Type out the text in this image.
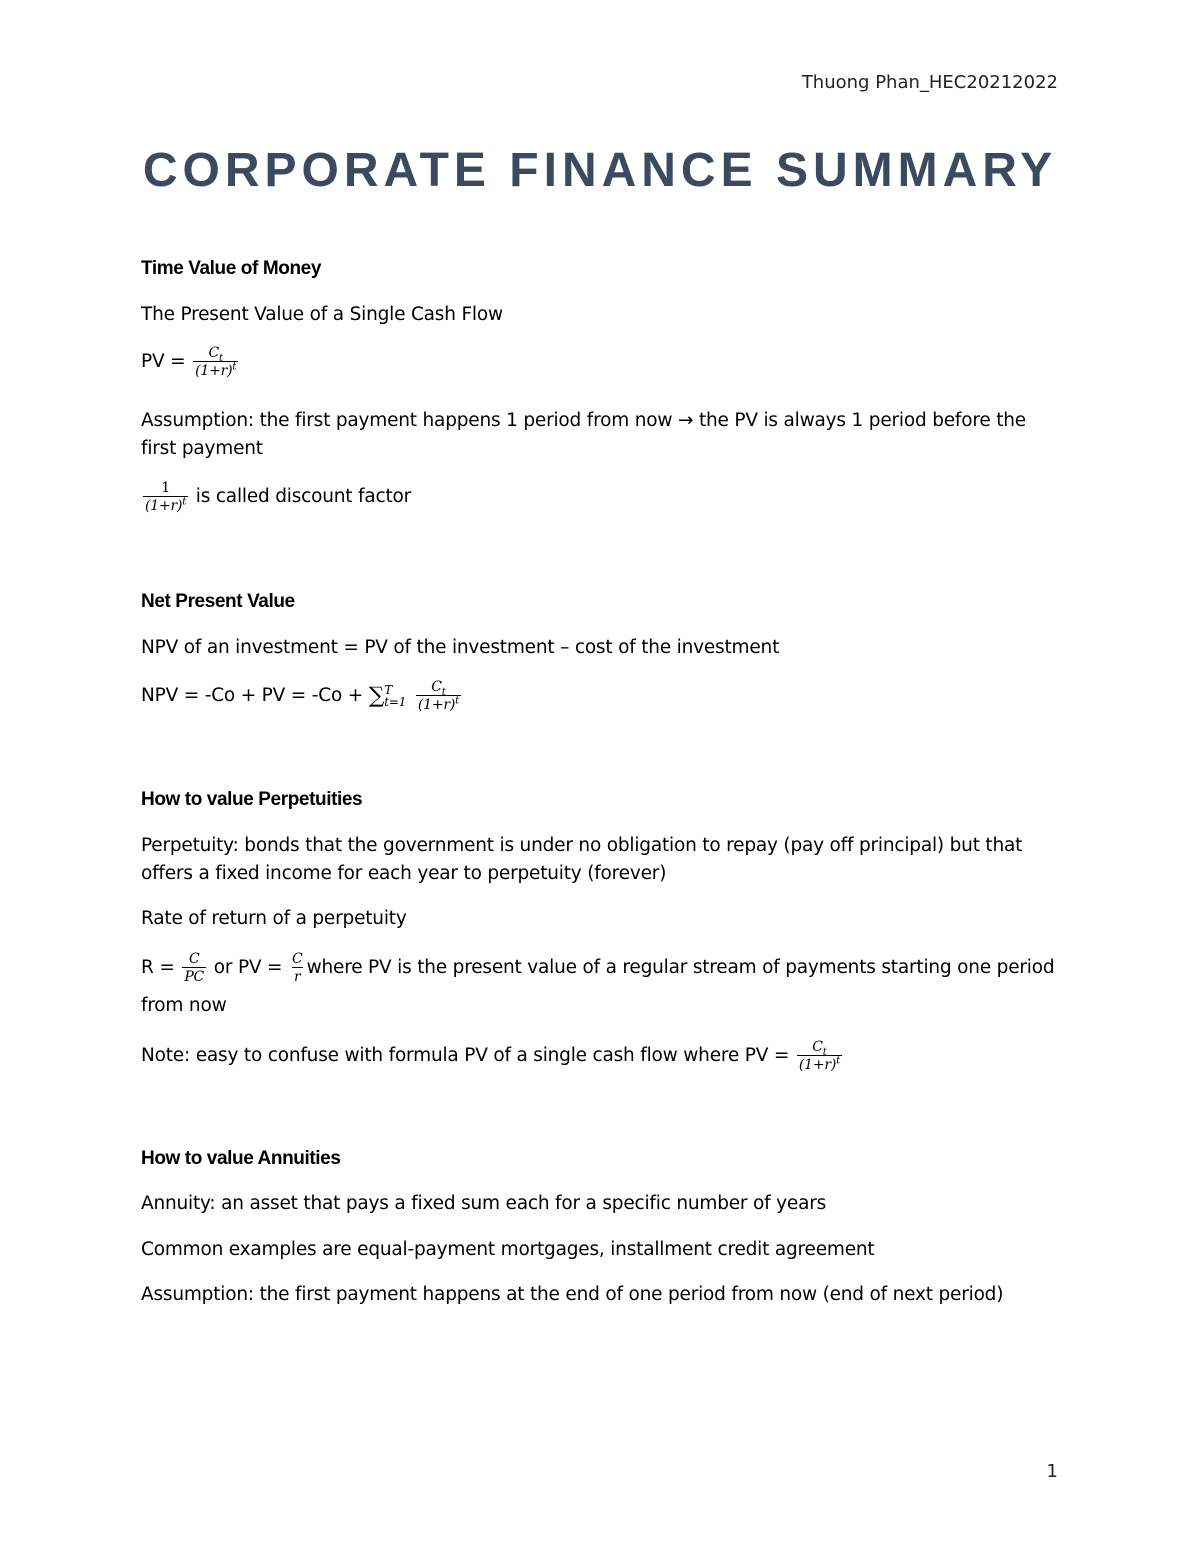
Thuong Phan_HEC20212022
CORPORATE FINANCE SUMMARY
Time Value of Money
The Present Value of a Single Cash Flow
PV = $\frac{C_t}{(1+r)^t}$
Assumption: the first payment happens 1 period from now → the PV is always 1 period before the first payment
$\frac{1}{(1+r)^t}$ is called discount factor
Net Present Value
NPV of an investment = PV of the investment – cost of the investment
NPV = -Co + PV = -Co + ∑ T
t=1
$\frac{C_t}{(1+r)^t}$
How to value Perpetuities
Perpetuity: bonds that the government is under no obligation to repay (pay off principal) but that offers a fixed income for each year to perpetuity (forever)
Rate of return of a perpetuity
$R = \frac{C}{PC}$ or PV = $\frac{C}{r}$ where PV is the present value of a regular stream of payments starting one period
from now
Note: easy to confuse with formula PV of a single cash flow where PV = $\frac{C_t}{(1+r)^t}$
How to value Annuities
Annuity: an asset that pays a fixed sum each for a specific number of years
Common examples are equal-payment mortgages, installment credit agreement
Assumption: the first payment happens at the end of one period from now (end of next period)
1
